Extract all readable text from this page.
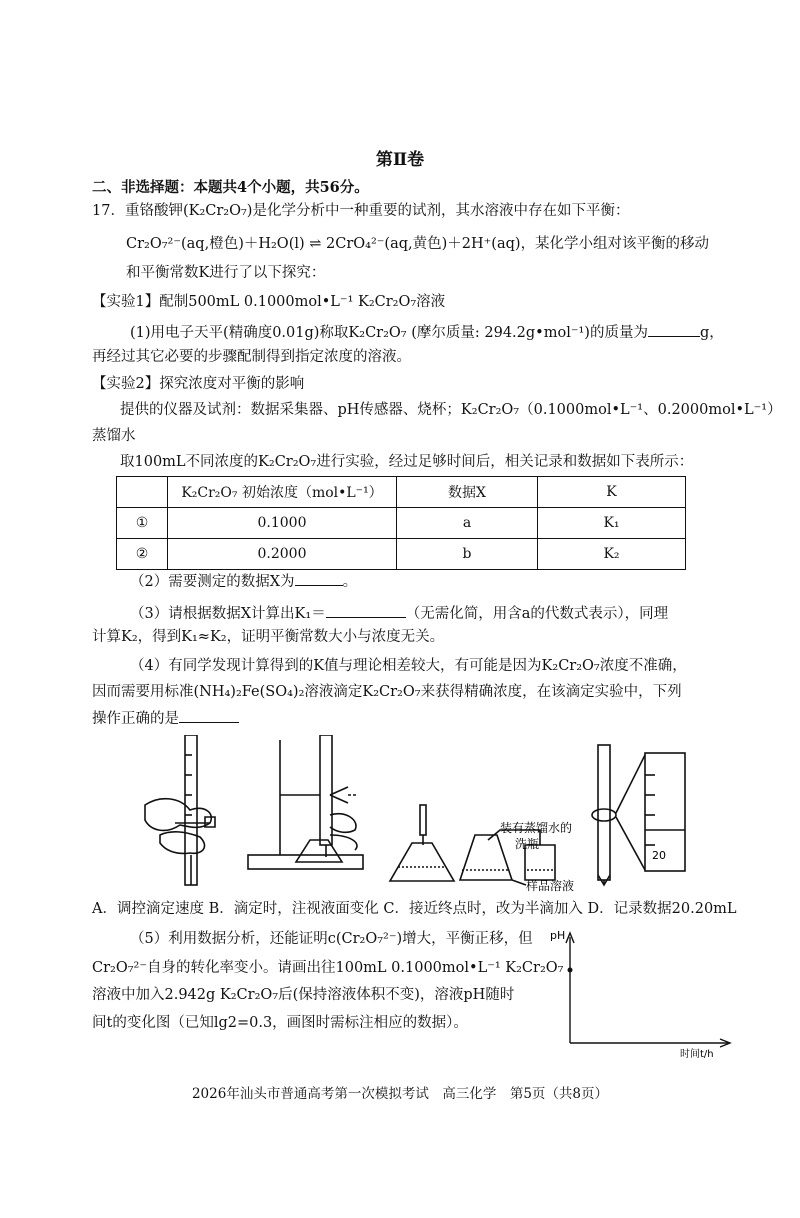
第Ⅱ卷
二、非选择题：本题共4个小题，共56分。
17．重铬酸钾(K₂Cr₂O₇)是化学分析中一种重要的试剂，其水溶液中存在如下平衡：
Cr₂O₇²⁻(aq,橙色)＋H₂O(l) ⇌ 2CrO₄²⁻(aq,黄色)＋2H⁺(aq)，某化学小组对该平衡的移动
和平衡常数K进行了以下探究：
【实验1】配制500mL 0.1000mol•L⁻¹ K₂Cr₂O₇溶液
(1)用电子天平(精确度0.01g)称取K₂Cr₂O₇ (摩尔质量: 294.2g•mol⁻¹)的质量为	g，
再经过其它必要的步骤配制得到指定浓度的溶液。
【实验2】探究浓度对平衡的影响
提供的仪器及试剂：数据采集器、pH传感器、烧杯；K₂Cr₂O₇（0.1000mol•L⁻¹、0.2000mol•L⁻¹）
蒸馏水
取100mL不同浓度的K₂Cr₂O₇进行实验，经过足够时间后，相关记录和数据如下表所示：
	K₂Cr₂O₇ 初始浓度（mol•L⁻¹）	数据X	K
①	0.1000	a	K₁
②	0.2000	b	K₂
（2）需要测定的数据X为	。
（3）请根据数据X计算出K₁＝	（无需化简，用含a的代数式表示），同理
计算K₂，得到K₁≈K₂，证明平衡常数大小与浓度无关。
（4）有同学发现计算得到的K值与理论相差较大，有可能是因为K₂Cr₂O₇浓度不准确，
因而需要用标准(NH₄)₂Fe(SO₄)₂溶液滴定K₂Cr₂O₇来获得精确浓度，在该滴定实验中，下列
操作正确的是
装有蒸馏水的
洗瓶
样品溶液
20
A．调控滴定速度 B．滴定时，注视液面变化 C．接近终点时，改为半滴加入 D．记录数据20.20mL
（5）利用数据分析，还能证明c(Cr₂O₇²⁻)增大，平衡正移，但
Cr₂O₇²⁻自身的转化率变小。请画出往100mL 0.1000mol•L⁻¹ K₂Cr₂O₇
溶液中加入2.942g K₂Cr₂O₇后(保持溶液体积不变)，溶液pH随时
间t的变化图（已知lg2=0.3，画图时需标注相应的数据）。
pH
时间t/h
2026年汕头市普通高考第一次模拟考试　高三化学　第5页（共8页）
